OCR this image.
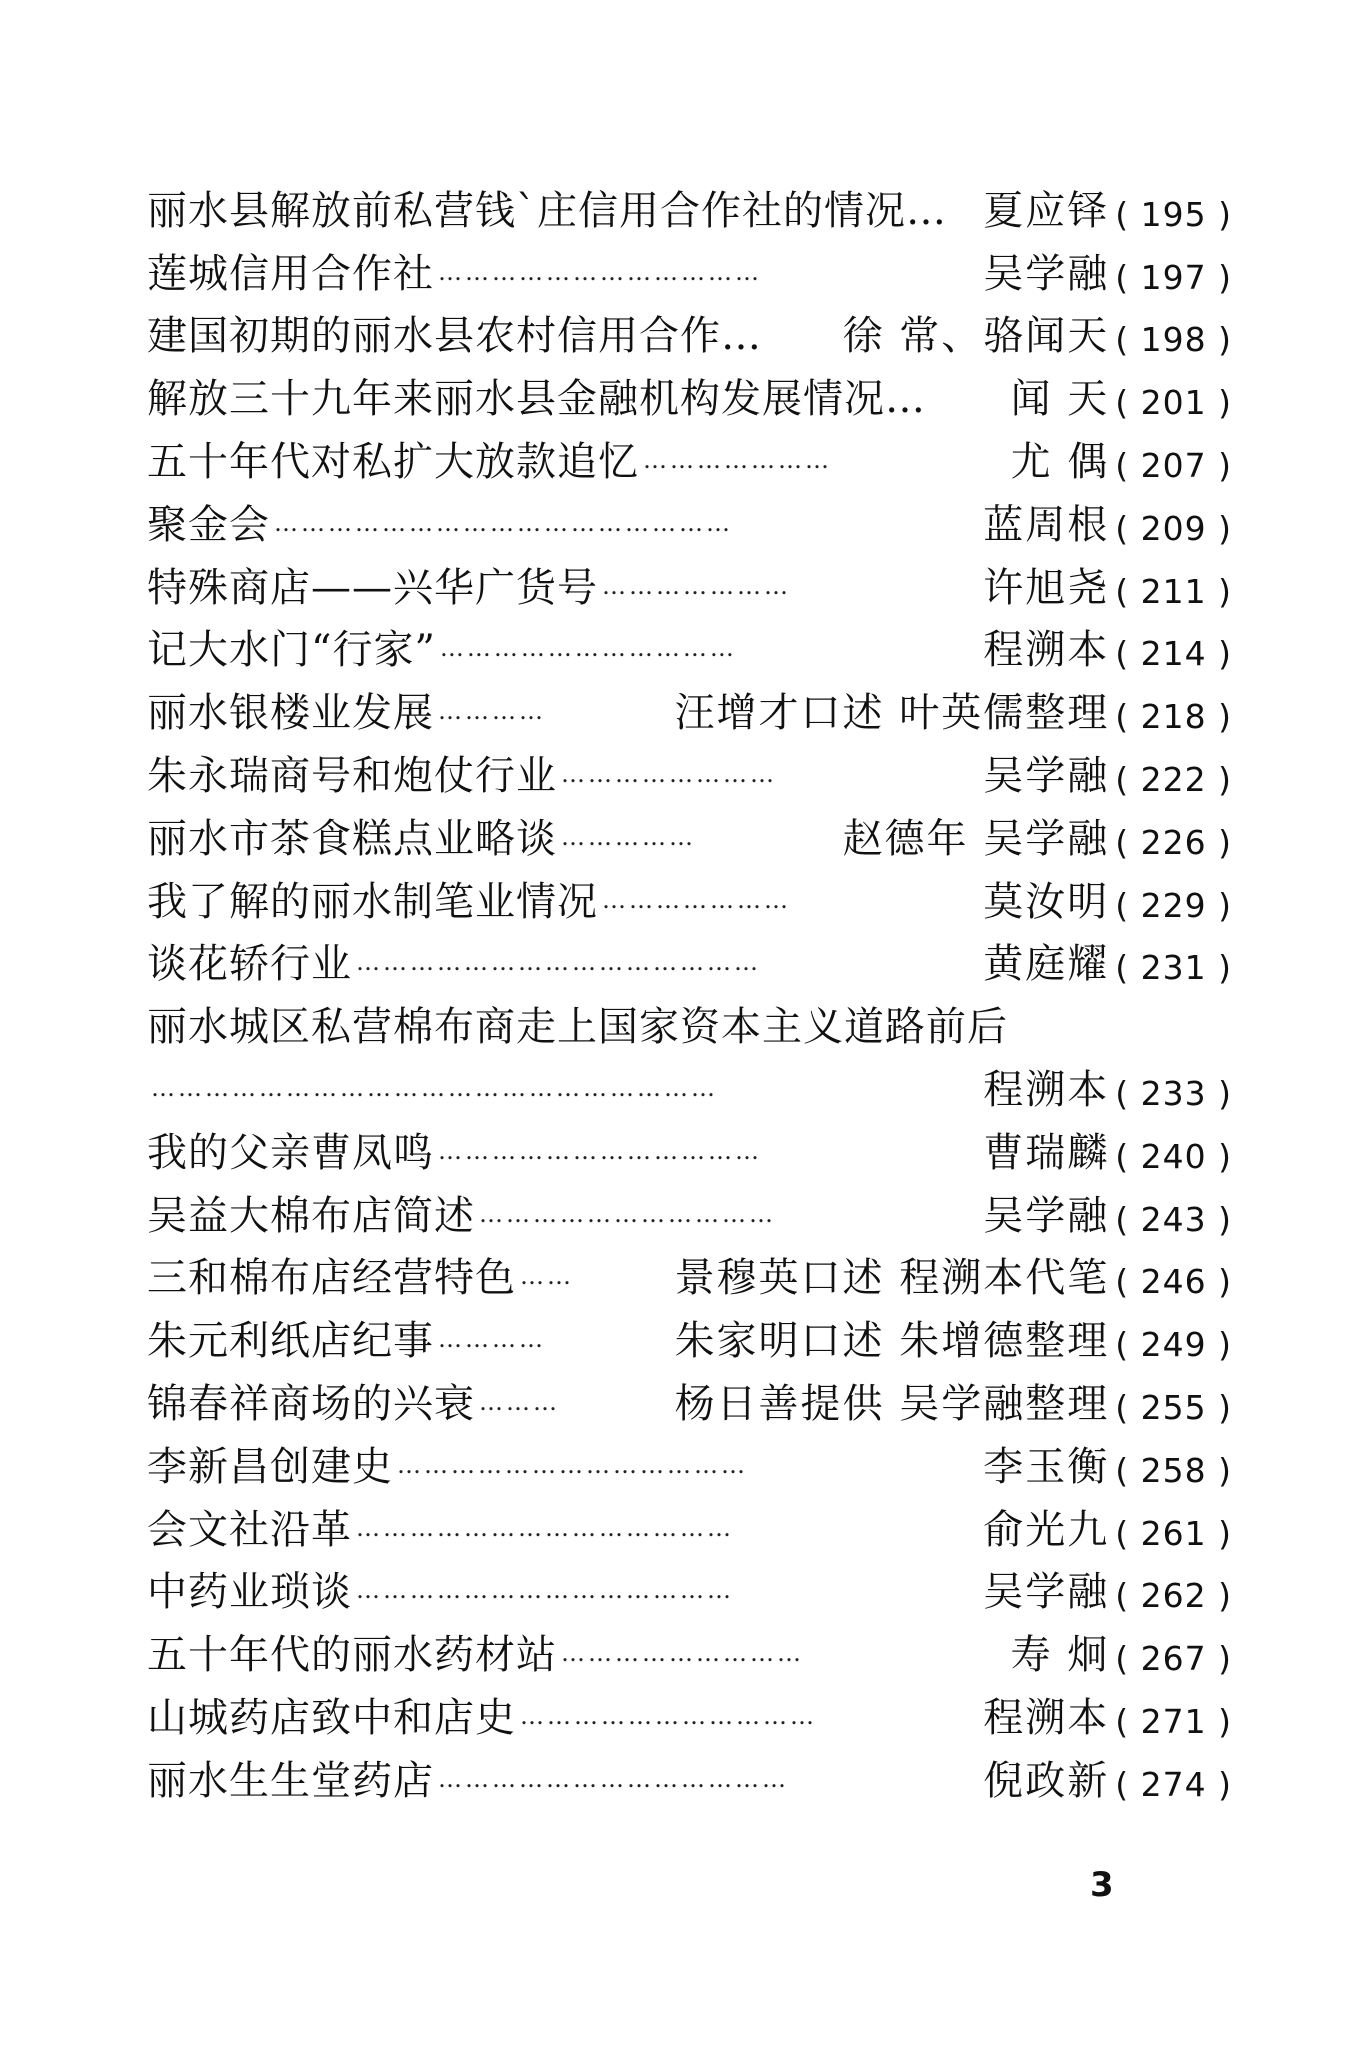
丽水县解放前私营钱`庄信用合作社的情况… 夏应铎 ( 195 )
莲城信用合作社 ………………………………	吴学融 ( 197 )
建国初期的丽水县农村信用合作… 徐 常、骆闻天 ( 198 )
解放三十九年来丽水县金融机构发展情况… 闻 天 ( 201 )
五十年代对私扩大放款追忆 …………………	尤 偶 ( 207 )
聚金会 ……………………………………………	蓝周根 ( 209 )
特殊商店——兴华广货号 …………………	许旭尧 ( 211 )
记大水门“行家” ……………………………	程溯本 ( 214 )
丽水银楼业发展 …………	汪增才口述 叶英儒整理 ( 218 )
朱永瑞商号和炮仗行业 ……………………	吴学融 ( 222 )
丽水市茶食糕点业略谈 ……………	赵德年 吴学融 ( 226 )
我了解的丽水制笔业情况 …………………	莫汝明 ( 229 )
谈花轿行业 ………………………………………	黄庭耀 ( 231 )
丽水城区私营棉布商走上国家资本主义道路前后
………………………………………………………	程溯本 ( 233 )
我的父亲曹凤鸣 ………………………………	曹瑞麟 ( 240 )
吴益大棉布店简述 ……………………………	吴学融 ( 243 )
三和棉布店经营特色 ……	景穆英口述 程溯本代笔 ( 246 )
朱元利纸店纪事 …………	朱家明口述 朱增德整理 ( 249 )
锦春祥商场的兴衰 ………	杨日善提供 吴学融整理 ( 255 )
李新昌创建史 …………………………………	李玉衡 ( 258 )
会文社沿革 ……………………………………	俞光九 ( 261 )
中药业琐谈 ……………………………………	吴学融 ( 262 )
五十年代的丽水药材站 ………………………	寿 炯 ( 267 )
山城药店致中和店史 ……………………………	程溯本 ( 271 )
丽水生生堂药店 …………………………………	倪政新 ( 274 )
3
